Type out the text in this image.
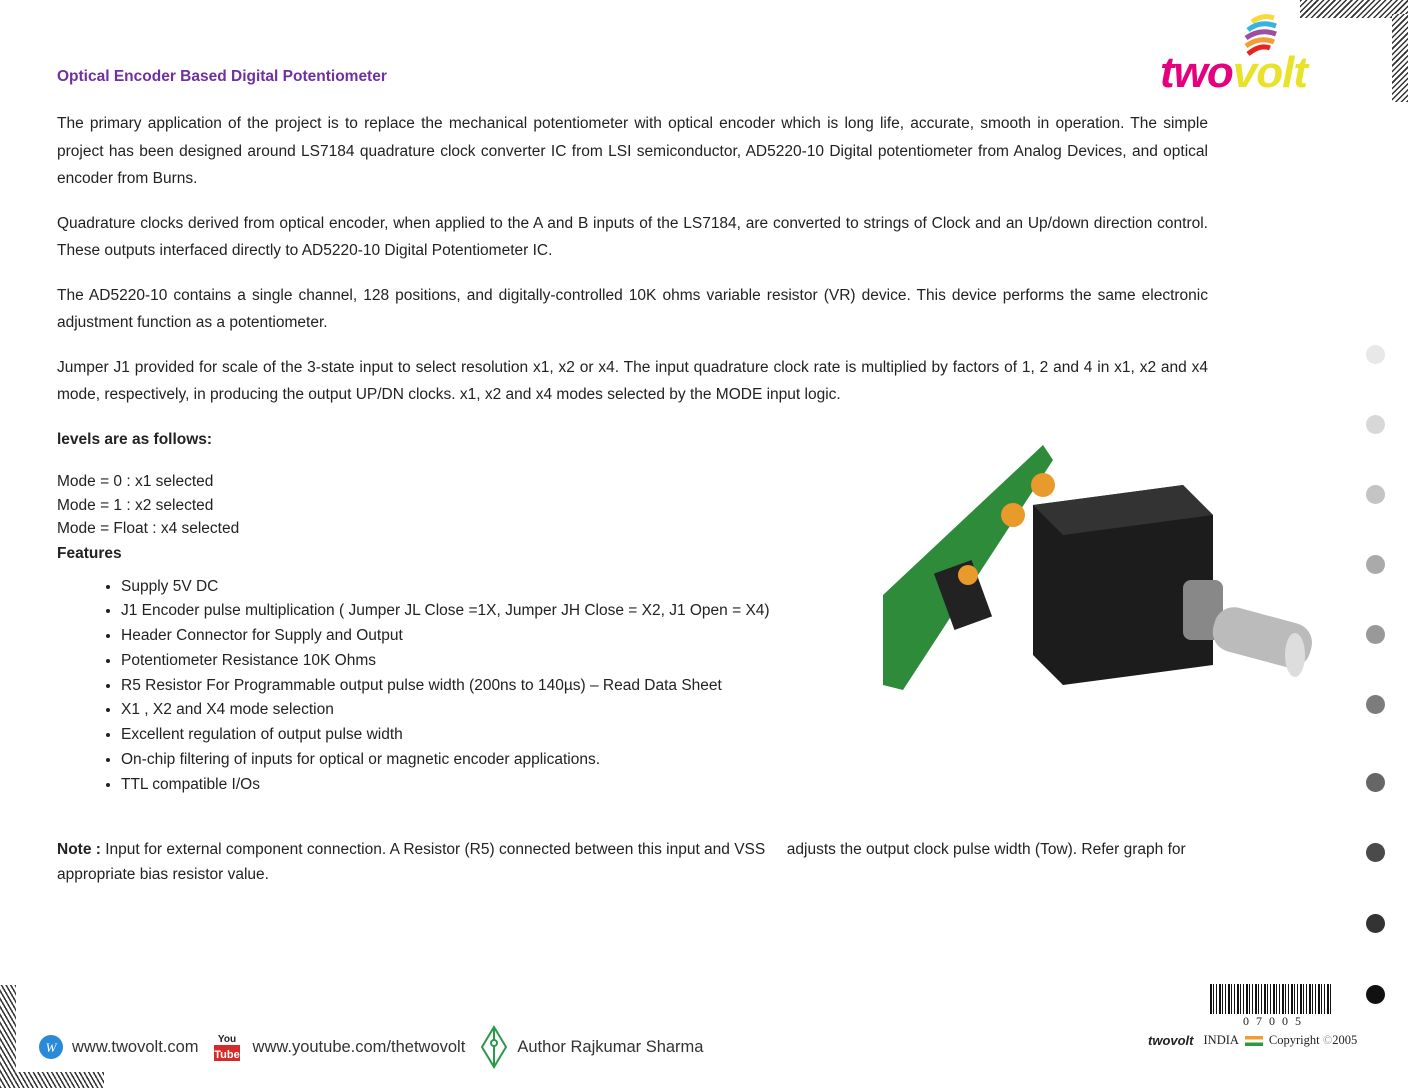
twovolt
Optical Encoder Based Digital Potentiometer

The primary application of the project is to replace the mechanical potentiometer with optical encoder which is long life, accurate, smooth in operation. The simple project has been designed around LS7184 quadrature clock converter IC from LSI semiconductor, AD5220-10 Digital potentiometer from Analog Devices, and optical encoder from Burns.

Quadrature clocks derived from optical encoder, when applied to the A and B inputs of the LS7184, are converted to strings of Clock and an Up/down direction control. These outputs interfaced directly to AD5220-10 Digital Potentiometer IC.

The AD5220-10 contains a single channel, 128 positions, and digitally-controlled 10K ohms variable resistor (VR) device. This device performs the same electronic adjustment function as a potentiometer.

Jumper J1 provided for scale of the 3-state input to select resolution x1, x2 or x4. The input quadrature clock rate is multiplied by factors of 1, 2 and 4 in x1, x2 and x4 mode, respectively, in producing the output UP/DN clocks. x1, x2 and x4 modes selected by the MODE input logic.

levels are as follows:

Mode = 0 : x1 selected
Mode = 1 : x2 selected
Mode = Float : x4 selected
Features
• Supply 5V DC
• J1 Encoder pulse multiplication ( Jumper JL Close =1X, Jumper JH Close = X2, J1 Open = X4)
• Header Connector for Supply and Output
• Potentiometer Resistance 10K Ohms
• R5 Resistor For Programmable output pulse width (200ns to 140µs) – Read Data Sheet
• X1 , X2 and X4 mode selection
• Excellent regulation of output pulse width
• On-chip filtering of inputs for optical or magnetic encoder applications.
• TTL compatible I/Os
Note : Input for external component connection. A Resistor (R5) connected between this input and VSS     adjusts the output clock pulse width (Tow). Refer graph for appropriate bias resistor value.
07005
twovolt INDIA Copyright ©2005
W www.twovolt.com You
Tube www.youtube.com/thetwovolt	Author Rajkumar Sharma
